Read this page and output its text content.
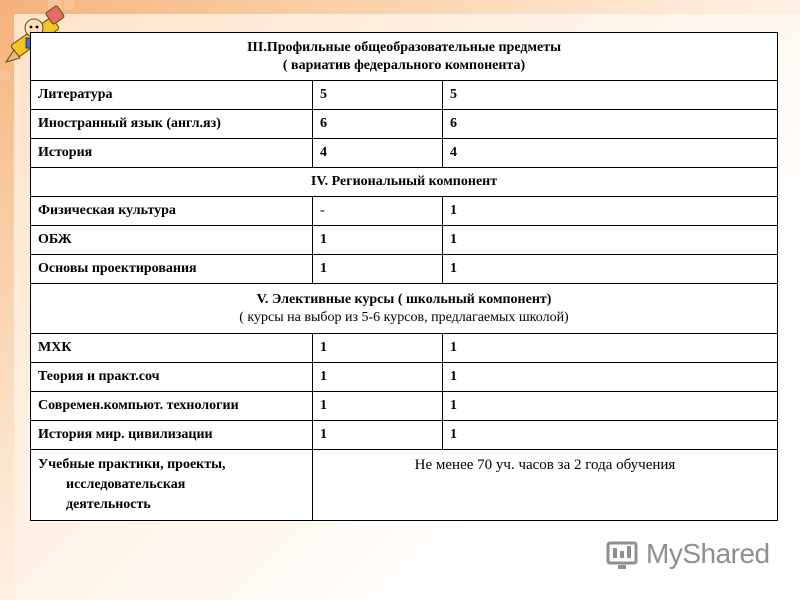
III.Профильные общеобразовательные предметы
( вариатив федерального компонента)		

Литература	5	5
Иностранный язык (англ.яз)	6	6
История	4	4
IV. Региональный компонент		
Физическая культура	-	1
ОБЖ	1	1
Основы проектирования	1	1

V. Элективные курсы ( школьный компонент)
( курсы на выбор из 5-6 курсов, предлагаемых школой)		

МХК	1	1
Теория и практ.соч	1	1
Современ.компьют. технологии	1	1
История мир. цивилизации	1	1
Учебные практики, проекты,
исследовательская
деятельность	Не менее 70 уч. часов за 2 года обучения	
MyShared
